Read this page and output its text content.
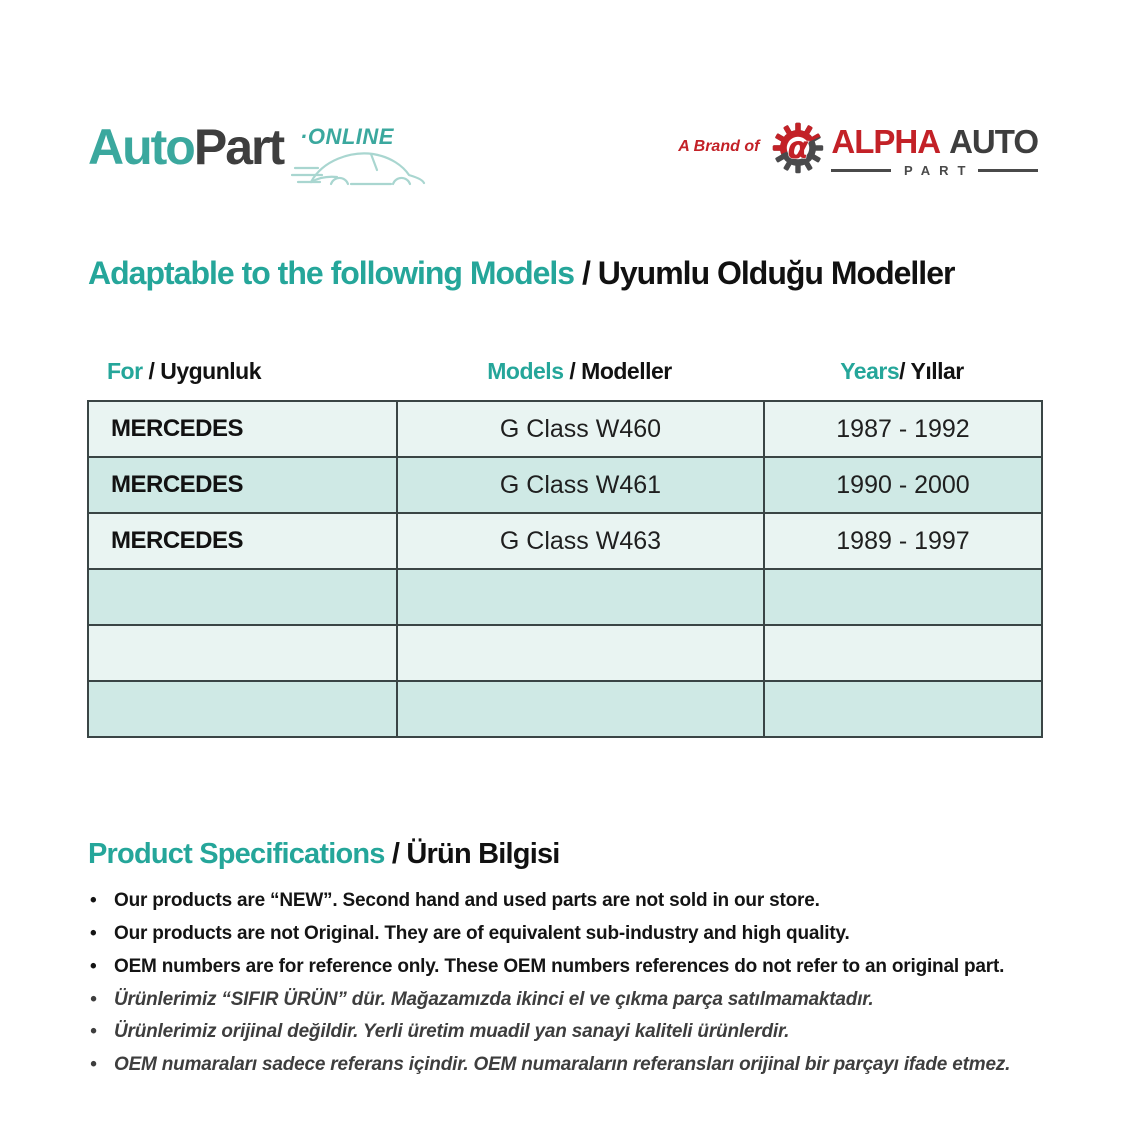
AutoPart ·ONLINE	A Brand of α ALPHA AUTO
PART
Adaptable to the following Models / Uyumlu Olduğu Modeller
For / Uygunluk	Models / Modeller	Years/ Yıllar
MERCEDES	G Class W460	1987 - 1992
MERCEDES	G Class W461	1990 - 2000
MERCEDES	G Class W463	1989 - 1997

Product Specifications / Ürün Bilgisi
• Our products are “NEW”. Second hand and used parts are not sold in our store.
• Our products are not Original. They are of equivalent sub-industry and high quality.
• OEM numbers are for reference only. These OEM numbers references do not refer to an original part.
• Ürünlerimiz “SIFIR ÜRÜN” dür. Mağazamızda ikinci el ve çıkma parça satılmamaktadır.
• Ürünlerimiz orijinal değildir. Yerli üretim muadil yan sanayi kaliteli ürünlerdir.
• OEM numaraları sadece referans içindir. OEM numaraların referansları orijinal bir parçayı ifade etmez.
